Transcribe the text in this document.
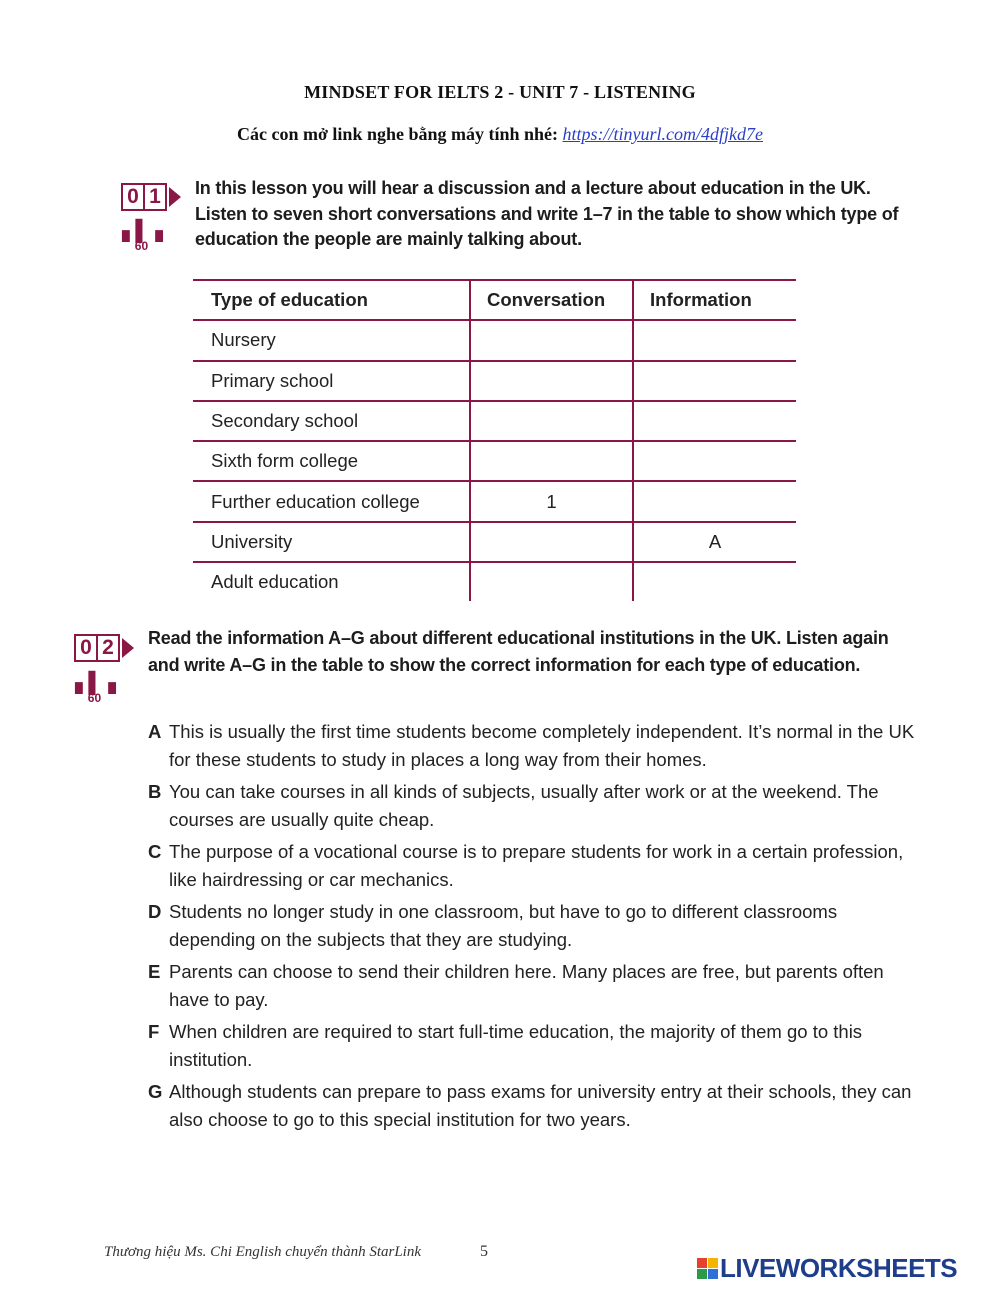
MINDSET FOR IELTS 2 - UNIT 7 - LISTENING
Các con mở link nghe bằng máy tính nhé: https://tinyurl.com/4dfjkd7e
0 1
▖▌▗
60
In this lesson you will hear a discussion and a lecture about education in the UK. Listen to seven short conversations and write 1–7 in the table to show which type of education the people are mainly talking about.
Type of education	Conversation	Information
Nursery		
Primary school		
Secondary school		
Sixth form college		
Further education college	1	
University		A
Adult education		
0 2
▖▌▗
60
Read the information A–G about different educational institutions in the UK. Listen again and write A–G in the table to show the correct information for each type of education.
A This is usually the first time students become completely independent. It’s normal in the UK for these students to study in places a long way from their homes.
B You can take courses in all kinds of subjects, usually after work or at the weekend. The courses are usually quite cheap.
C The purpose of a vocational course is to prepare students for work in a certain profession, like hairdressing or car mechanics.
D Students no longer study in one classroom, but have to go to different classrooms depending on the subjects that they are studying.
E Parents can choose to send their children here. Many places are free, but parents often have to pay.
F When children are required to start full-time education, the majority of them go to this institution.
G Although students can prepare to pass exams for university entry at their schools, they can also choose to go to this special institution for two years.
Thương hiệu Ms. Chi English chuyển thành StarLink	5
LIVEWORKSHEETS
